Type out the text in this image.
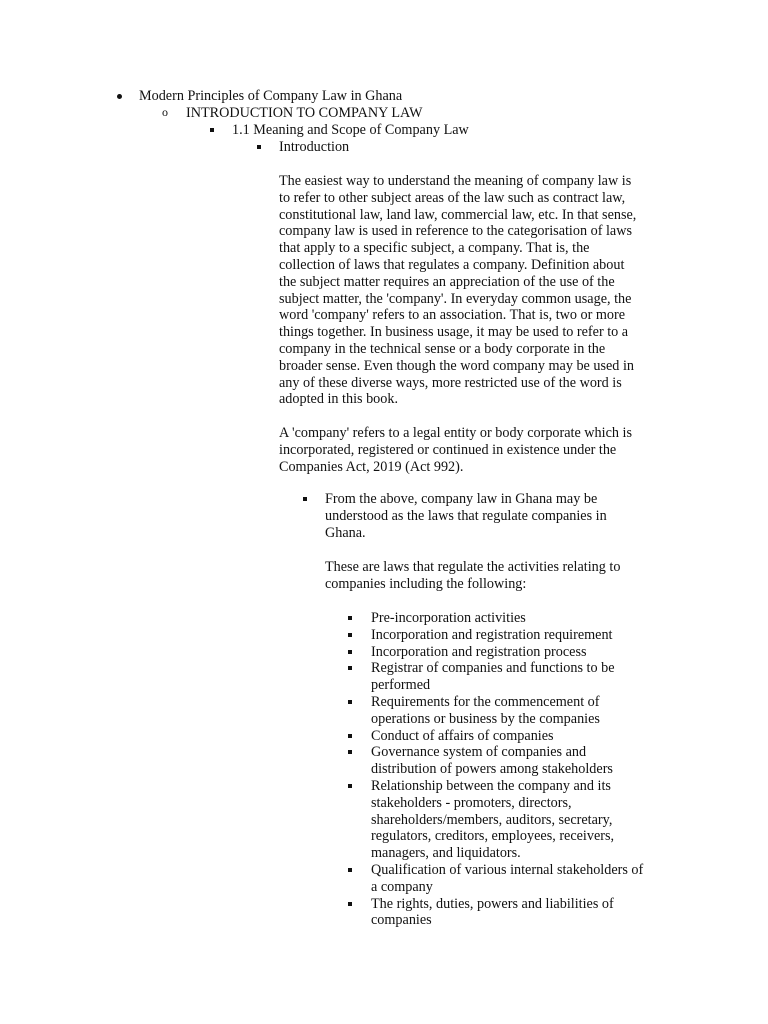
Modern Principles of Company Law in Ghana
o INTRODUCTION TO COMPANY LAW
1.1 Meaning and Scope of Company Law
Introduction

The easiest way to understand the meaning of company law is

to refer to other subject areas of the law such as contract law,

constitutional law, land law, commercial law, etc. In that sense,

company law is used in reference to the categorisation of laws

that apply to a specific subject, a company. That is, the

collection of laws that regulates a company. Definition about

the subject matter requires an appreciation of the use of the

subject matter, the 'company'. In everyday common usage, the

word 'company' refers to an association. That is, two or more

things together. In business usage, it may be used to refer to a

company in the technical sense or a body corporate in the

broader sense. Even though the word company may be used in

any of these diverse ways, more restricted use of the word is

adopted in this book.

A 'company' refers to a legal entity or body corporate which is

incorporated, registered or continued in existence under the

Companies Act, 2019 (Act 992).

From the above, company law in Ghana may be

understood as the laws that regulate companies in

Ghana.

These are laws that regulate the activities relating to

companies including the following:

Pre-incorporation activities
Incorporation and registration requirement
Incorporation and registration process
Registrar of companies and functions to be
performed
Requirements for the commencement of
operations or business by the companies
Conduct of affairs of companies
Governance system of companies and
distribution of powers among stakeholders
Relationship between the company and its
stakeholders - promoters, directors,
shareholders/members, auditors, secretary,
regulators, creditors, employees, receivers,
managers, and liquidators.
Qualification of various internal stakeholders of
a company
The rights, duties, powers and liabilities of
companies
